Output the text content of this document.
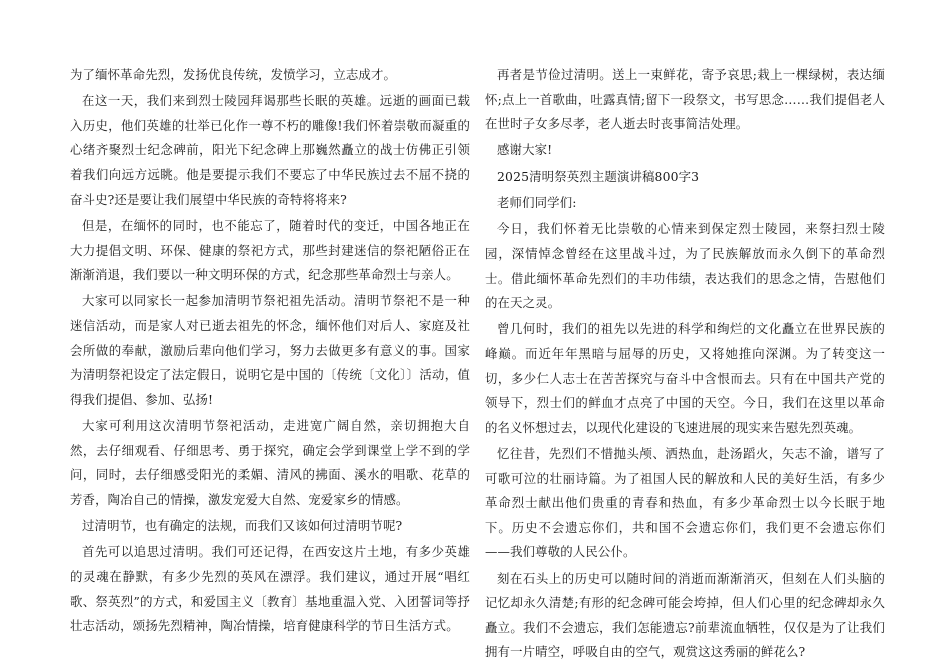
为了缅怀革命先烈，发扬优良传统，发愤学习，立志成才。

在这一天，我们来到烈士陵园拜谒那些长眠的英雄。远逝的画面已载入历史，他们英雄的壮举已化作一尊不朽的雕像!我们怀着崇敬而凝重的心绪齐聚烈士纪念碑前，阳光下纪念碑上那巍然矗立的战士仿佛正引领着我们向远方远眺。他是要提示我们不要忘了中华民族过去不屈不挠的奋斗史?还是要让我们展望中华民族的奇特将将来?

但是，在缅怀的同时，也不能忘了，随着时代的变迁，中国各地正在大力提倡文明、环保、健康的祭祀方式，那些封建迷信的祭祀陋俗正在渐渐消退，我们要以一种文明环保的方式，纪念那些革命烈士与亲人。

大家可以同家长一起参加清明节祭祀祖先活动。清明节祭祀不是一种迷信活动，而是家人对已逝去祖先的怀念，缅怀他们对后人、家庭及社会所做的奉献，激励后辈向他们学习，努力去做更多有意义的事。国家为清明祭祀设定了法定假日，说明它是中国的〔传统〔文化〕〕活动，值得我们提倡、参加、弘扬!

大家可利用这次清明节祭祀活动，走进宽广阔自然，亲切拥抱大自然，去仔细观看、仔细思考、勇于探究，确定会学到课堂上学不到的学问，同时，去仔细感受阳光的柔媚、清风的拂面、溪水的唱歌、花草的芳香，陶冶自己的情操，激发宠爱大自然、宠爱家乡的情感。

过清明节，也有确定的法规，而我们又该如何过清明节呢?

首先可以追思过清明。我们可还记得，在西安这片土地，有多少英雄的灵魂在静默，有多少先烈的英风在漂浮。我们建议，通过开展“唱红歌、祭英烈”的方式，和爱国主义〔教育〕基地重温入党、入团誓词等抒壮志活动，颂扬先烈精神，陶冶情操，培育健康科学的节日生活方式。

再者是节俭过清明。送上一束鲜花，寄予哀思;栽上一棵绿树，表达缅怀;点上一首歌曲，吐露真情;留下一段祭文，书写思念……我们提倡老人在世时子女多尽孝，老人逝去时丧事简洁处理。

感谢大家!

2025清明祭英烈主题演讲稿800字3

老师们同学们:

今日，我们怀着无比崇敬的心情来到保定烈士陵园，来祭扫烈士陵园，深情悼念曾经在这里战斗过，为了民族解放而永久倒下的革命烈士。借此缅怀革命先烈们的丰功伟绩，表达我们的思念之情，告慰他们的在天之灵。

曾几何时，我们的祖先以先进的科学和绚烂的文化矗立在世界民族的峰巅。而近年年黑暗与屈辱的历史，又将她推向深渊。为了转变这一切，多少仁人志士在苦苦探究与奋斗中含恨而去。只有在中国共产党的领导下，烈士们的鲜血才点亮了中国的天空。今日，我们在这里以革命的名义怀想过去，以现代化建设的飞速进展的现实来告慰先烈英魂。

忆往昔，先烈们不惜抛头颅、洒热血，赴汤蹈火，矢志不渝，谱写了可歌可泣的壮丽诗篇。为了祖国人民的解放和人民的美好生活，有多少革命烈士献出他们贵重的青春和热血，有多少革命烈士以今长眠于地下。历史不会遗忘你们，共和国不会遗忘你们，我们更不会遗忘你们——我们尊敬的人民公仆。

刻在石头上的历史可以随时间的消逝而渐渐消灭，但刻在人们头脑的记忆却永久清楚;有形的纪念碑可能会垮掉，但人们心里的纪念碑却永久矗立。我们不会遗忘，我们怎能遗忘?前辈流血牺牲，仅仅是为了让我们拥有一片晴空，呼吸自由的空气，观赏这这秀丽的鲜花么?
